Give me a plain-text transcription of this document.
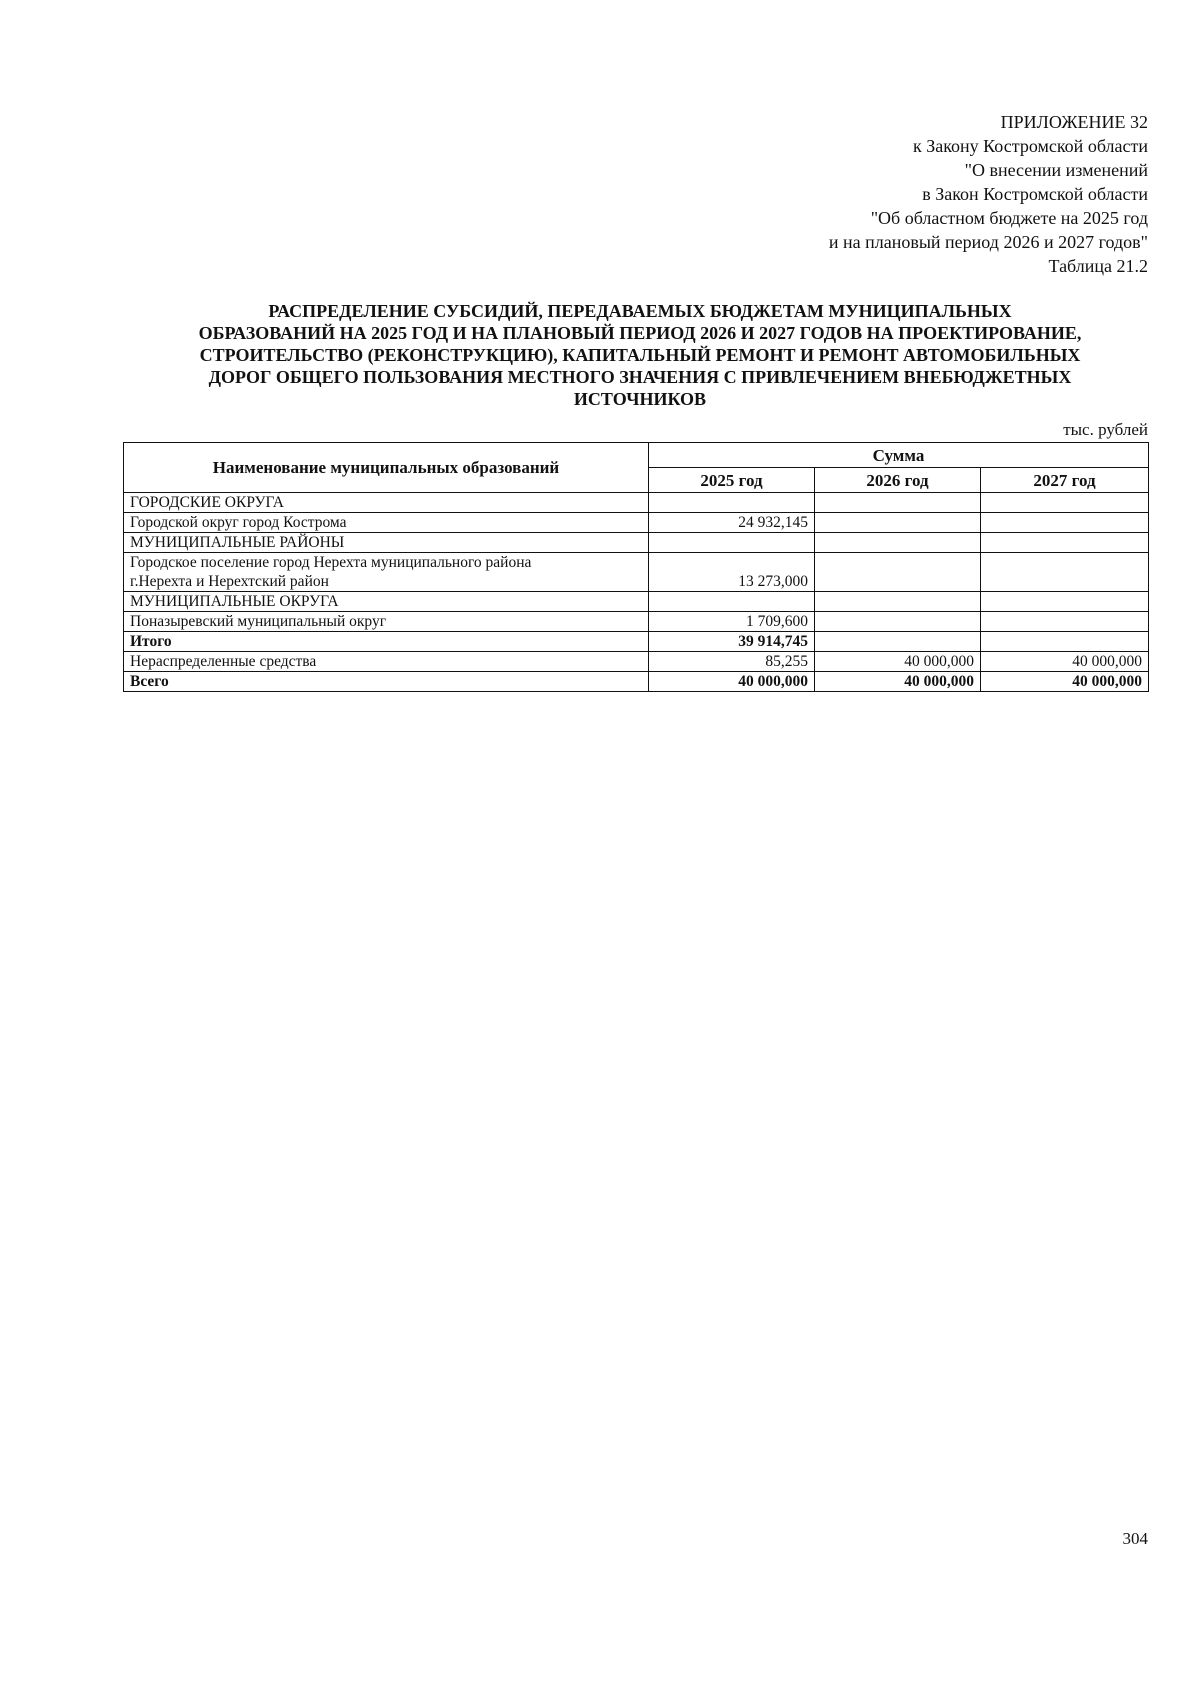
ПРИЛОЖЕНИЕ 32
к Закону Костромской области
"О внесении изменений
в Закон Костромской области
"Об областном бюджете на 2025 год
и на плановый период 2026 и 2027 годов"
Таблица 21.2
РАСПРЕДЕЛЕНИЕ СУБСИДИЙ, ПЕРЕДАВАЕМЫХ БЮДЖЕТАМ МУНИЦИПАЛЬНЫХ
ОБРАЗОВАНИЙ НА 2025 ГОД И НА ПЛАНОВЫЙ ПЕРИОД 2026 И 2027 ГОДОВ НА ПРОЕКТИРОВАНИЕ,
СТРОИТЕЛЬСТВО (РЕКОНСТРУКЦИЮ), КАПИТАЛЬНЫЙ РЕМОНТ И РЕМОНТ АВТОМОБИЛЬНЫХ
ДОРОГ ОБЩЕГО ПОЛЬЗОВАНИЯ МЕСТНОГО ЗНАЧЕНИЯ С ПРИВЛЕЧЕНИЕМ ВНЕБЮДЖЕТНЫХ
ИСТОЧНИКОВ
тыс. рублей
Наименование муниципальных образований	Сумма		
	2025 год	2026 год	2027 год
ГОРОДСКИЕ ОКРУГА			
Городской округ город Кострома	24 932,145		
МУНИЦИПАЛЬНЫЕ РАЙОНЫ			

Городское поселение город Нерехта муниципального района
г.Нерехта и Нерехтский район	13 273,000		
МУНИЦИПАЛЬНЫЕ ОКРУГА			
Поназыревский муниципальный округ	1 709,600		
Итого	39 914,745		
Нераспределенные средства	85,255	40 000,000	40 000,000
Всего	40 000,000	40 000,000	40 000,000
304
